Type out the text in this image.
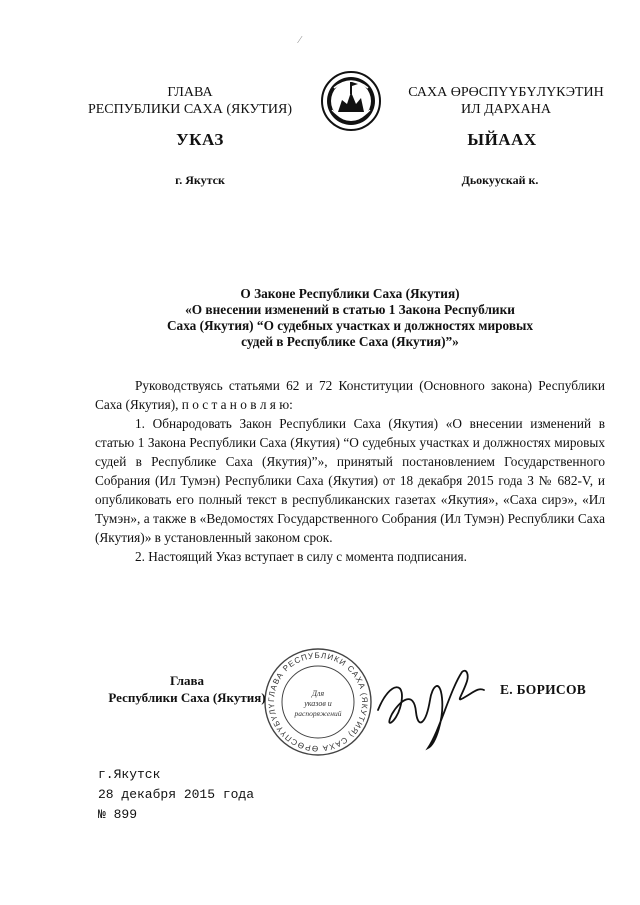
⁄
ГЛАВА
РЕСПУБЛИКИ САХА (ЯКУТИЯ)
САХА ӨРӨСПҮҮБҮЛҮКЭТИН
ИЛ ДАРХАНА
УКАЗ	ЫЙААХ
г. Якутск	Дьокуускай к.
О Законе Республики Саха (Якутия)
«О внесении изменений в статью 1 Закона Республики
Саха (Якутия) “О судебных участках и должностях мировых
судей в Республике Саха (Якутия)”»

Руководствуясь статьями 62 и 72 Конституции (Основного закона) Республики Саха (Якутия), п о с т а н о в л я ю:

1. Обнародовать Закон Республики Саха (Якутия) «О внесении изменений в статью 1 Закона Республики Саха (Якутия) “О судебных участках и должностях мировых судей в Республике Саха (Якутия)”», принятый постановлением Государственного Собрания (Ил Тумэн) Республики Саха (Якутия) от 18 декабря 2015 года З № 682-V, и опубликовать его полный текст в республиканских газетах «Якутия», «Саха сирэ», «Ил Тумэн», а также в «Ведомостях Государственного Собрания (Ил Тумэн) Республики Саха (Якутия)» в установленный законом срок.

2. Настоящий Указ вступает в силу с момента подписания.

ГЛАВА РЕСПУБЛИКИ САХА (ЯКУТИЯ) САХА ӨРӨСПҮҮБҮЛҮ
Для
указов и
распоряжений
Глава
Республики Саха (Якутия)
Е. БОРИСОВ
г.Якутск
28 декабря 2015 года
№ 899
